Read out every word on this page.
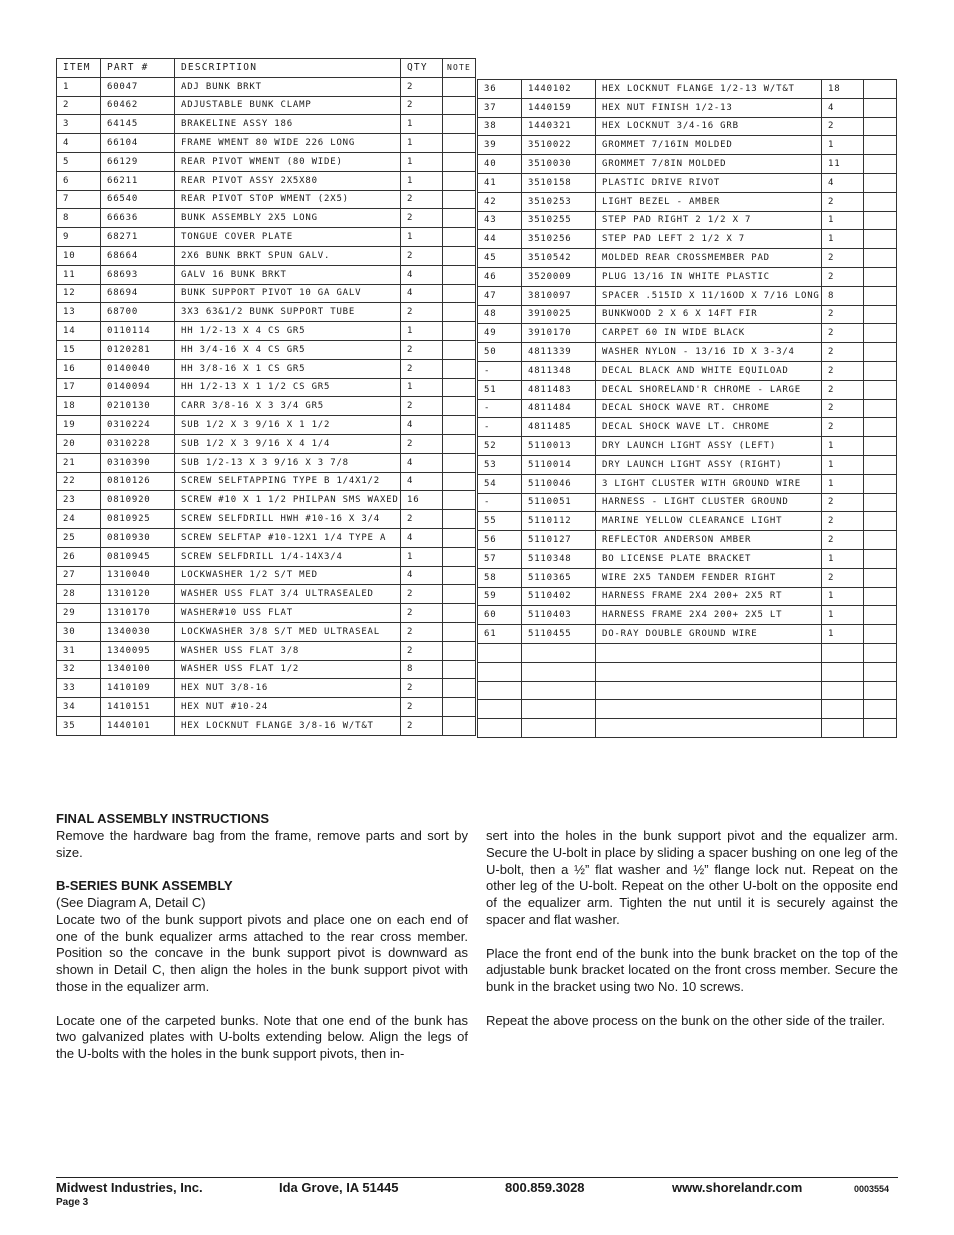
ITEM	PART #	DESCRIPTION	QTY	NOTE
1	60047	ADJ BUNK BRKT	2	
2	60462	ADJUSTABLE BUNK CLAMP	2	
3	64145	BRAKELINE ASSY 186	1	
4	66104	FRAME WMENT 80 WIDE 226 LONG	1	
5	66129	REAR PIVOT WMENT (80 WIDE)	1	
6	66211	REAR PIVOT ASSY 2X5X80	1	
7	66540	REAR PIVOT STOP WMENT (2X5)	2	
8	66636	BUNK ASSEMBLY 2X5 LONG	2	
9	68271	TONGUE COVER PLATE	1	
10	68664	2X6 BUNK BRKT SPUN GALV.	2	
11	68693	GALV 16 BUNK BRKT	4	
12	68694	BUNK SUPPORT PIVOT 10 GA GALV	4	
13	68700	3X3 63&1/2 BUNK SUPPORT TUBE	2	
14	0110114	HH 1/2-13 X 4 CS GR5	1	
15	0120281	HH 3/4-16 X 4 CS GR5	2	
16	0140040	HH 3/8-16 X 1 CS GR5	2	
17	0140094	HH 1/2-13 X 1 1/2 CS GR5	1	
18	0210130	CARR 3/8-16 X 3 3/4 GR5	2	
19	0310224	SUB 1/2 X 3 9/16 X 1 1/2	4	
20	0310228	SUB 1/2 X 3 9/16 X 4 1/4	2	
21	0310390	SUB 1/2-13 X 3 9/16 X 3 7/8	4	
22	0810126	SCREW SELFTAPPING TYPE B 1/4X1/2	4	
23	0810920	SCREW #10 X 1 1/2 PHILPAN SMS WAXED	16	
24	0810925	SCREW SELFDRILL HWH #10-16 X 3/4	2	
25	0810930	SCREW SELFTAP #10-12X1 1/4 TYPE A	4	
26	0810945	SCREW SELFDRILL 1/4-14X3/4	1	
27	1310040	LOCKWASHER 1/2 S/T MED	4	
28	1310120	WASHER USS FLAT 3/4 ULTRASEALED	2	
29	1310170	WASHER#10 USS FLAT	2	
30	1340030	LOCKWASHER 3/8 S/T MED ULTRASEAL	2	
31	1340095	WASHER USS FLAT 3/8	2	
32	1340100	WASHER USS FLAT 1/2	8	
33	1410109	HEX NUT 3/8-16	2	
34	1410151	HEX NUT #10-24	2	
35	1440101	HEX LOCKNUT FLANGE 3/8-16 W/T&T	2	
36	1440102	HEX LOCKNUT FLANGE 1/2-13 W/T&T	18	
37	1440159	HEX NUT FINISH 1/2-13	4	
38	1440321	HEX LOCKNUT 3/4-16 GRB	2	
39	3510022	GROMMET 7/16IN MOLDED	1	
40	3510030	GROMMET 7/8IN MOLDED	11	
41	3510158	PLASTIC DRIVE RIVOT	4	
42	3510253	LIGHT BEZEL - AMBER	2	
43	3510255	STEP PAD RIGHT 2 1/2 X 7	1	
44	3510256	STEP PAD LEFT 2 1/2 X 7	1	
45	3510542	MOLDED REAR CROSSMEMBER PAD	2	
46	3520009	PLUG 13/16 IN WHITE PLASTIC	2	
47	3810097	SPACER .515ID X 11/16OD X 7/16 LONG	8	
48	3910025	BUNKWOOD 2 X 6 X 14FT FIR	2	
49	3910170	CARPET 60 IN WIDE BLACK	2	
50	4811339	WASHER NYLON - 13/16 ID X 3-3/4	2	
-	4811348	DECAL BLACK AND WHITE EQUILOAD	2	
51	4811483	DECAL SHORELAND'R CHROME - LARGE	2	
-	4811484	DECAL SHOCK WAVE RT. CHROME	2	
-	4811485	DECAL SHOCK WAVE LT. CHROME	2	
52	5110013	DRY LAUNCH LIGHT ASSY (LEFT)	1	
53	5110014	DRY LAUNCH LIGHT ASSY (RIGHT)	1	
54	5110046	3 LIGHT CLUSTER WITH GROUND WIRE	1	
-	5110051	HARNESS - LIGHT CLUSTER GROUND	2	
55	5110112	MARINE YELLOW CLEARANCE LIGHT	2	
56	5110127	REFLECTOR ANDERSON AMBER	2	
57	5110348	BO LICENSE PLATE BRACKET	1	
58	5110365	WIRE 2X5 TANDEM FENDER RIGHT	2	
59	5110402	HARNESS FRAME 2X4 200+ 2X5 RT	1	
60	5110403	HARNESS FRAME 2X4 200+ 2X5 LT	1	
61	5110455	DO-RAY DOUBLE GROUND WIRE	1	

FINAL ASSEMBLY INSTRUCTIONS

Remove the hardware bag from the frame, remove parts and sort by size.

B-SERIES BUNK ASSEMBLY

(See Diagram A, Detail C)

Locate two of the bunk support pivots and place one on each end of one of the bunk equalizer arms attached to the rear cross member. Position so the concave in the bunk support pivot is downward as shown in Detail C, then align the holes in the bunk support pivot with those in the equalizer arm.

Locate one of the carpeted bunks. Note that one end of the bunk has two galvanized plates with U-bolts extending below. Align the legs of the U-bolts with the holes in the bunk support pivots, then in-

sert into the holes in the bunk support pivot and the equalizer arm. Secure the U-bolt in place by sliding a spacer bushing on one leg of the U-bolt, then a ½” flat washer and ½” flange lock nut. Repeat on the other leg of the U-bolt. Repeat on the other U-bolt on the opposite end of the equalizer arm. Tighten the nut until it is securely against the spacer and flat washer.

Place the front end of the bunk into the bunk bracket on the top of the adjustable bunk bracket located on the front cross member. Secure the bunk in the bracket using two No. 10 screws.

Repeat the above process on the bunk on the other side of the trailer.

Midwest Industries, Inc.	Ida Grove, IA 51445	800.859.3028	www.shorelandr.com	0003554
Page 3
